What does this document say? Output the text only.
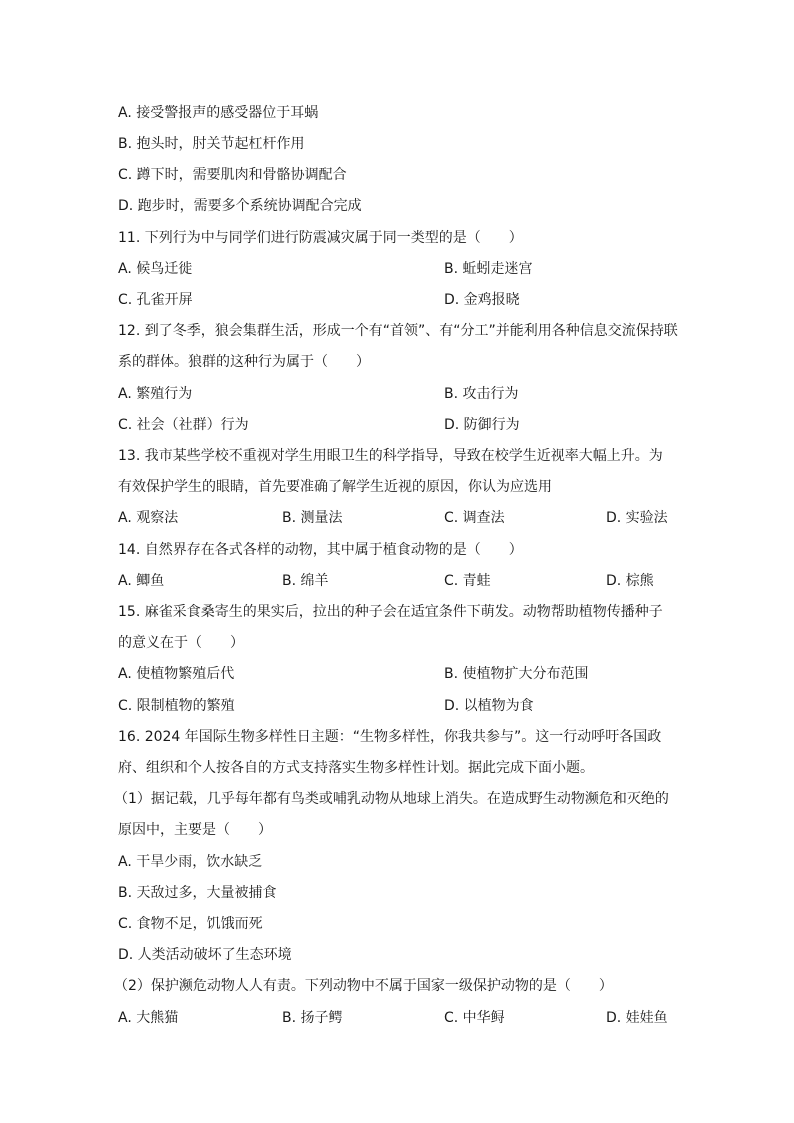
A. 接受警报声的感受器位于耳蜗
B. 抱头时，肘关节起杠杆作用
C. 蹲下时，需要肌肉和骨骼协调配合
D. 跑步时，需要多个系统协调配合完成
11. 下列行为中与同学们进行防震减灾属于同一类型的是（　　）
A. 候鸟迁徙	B. 蚯蚓走迷宫
C. 孔雀开屏	D. 金鸡报晓
12. 到了冬季，狼会集群生活，形成一个有“首领”、有“分工”并能利用各种信息交流保持联
系的群体。狼群的这种行为属于（　　）
A. 繁殖行为	B. 攻击行为
C. 社会（社群）行为	D. 防御行为
13. 我市某些学校不重视对学生用眼卫生的科学指导，导致在校学生近视率大幅上升。为
有效保护学生的眼睛，首先要准确了解学生近视的原因，你认为应选用
A. 观察法	B. 测量法	C. 调查法	D. 实验法
14. 自然界存在各式各样的动物，其中属于植食动物的是（　　）
A. 鲫鱼	B. 绵羊	C. 青蛙	D. 棕熊
15. 麻雀采食桑寄生的果实后，拉出的种子会在适宜条件下萌发。动物帮助植物传播种子
的意义在于（　　）
A. 使植物繁殖后代	B. 使植物扩大分布范围
C. 限制植物的繁殖	D. 以植物为食
16. 2024 年国际生物多样性日主题：“生物多样性，你我共参与”。这一行动呼吁各国政
府、组织和个人按各自的方式支持落实生物多样性计划。据此完成下面小题。
（1）据记载，几乎每年都有鸟类或哺乳动物从地球上消失。在造成野生动物濒危和灭绝的
原因中，主要是（　　）
A. 干旱少雨，饮水缺乏
B. 天敌过多，大量被捕食
C. 食物不足，饥饿而死
D. 人类活动破坏了生态环境
（2）保护濒危动物人人有责。下列动物中不属于国家一级保护动物的是（　　）
A. 大熊猫	B. 扬子鳄	C. 中华鲟	D. 娃娃鱼
